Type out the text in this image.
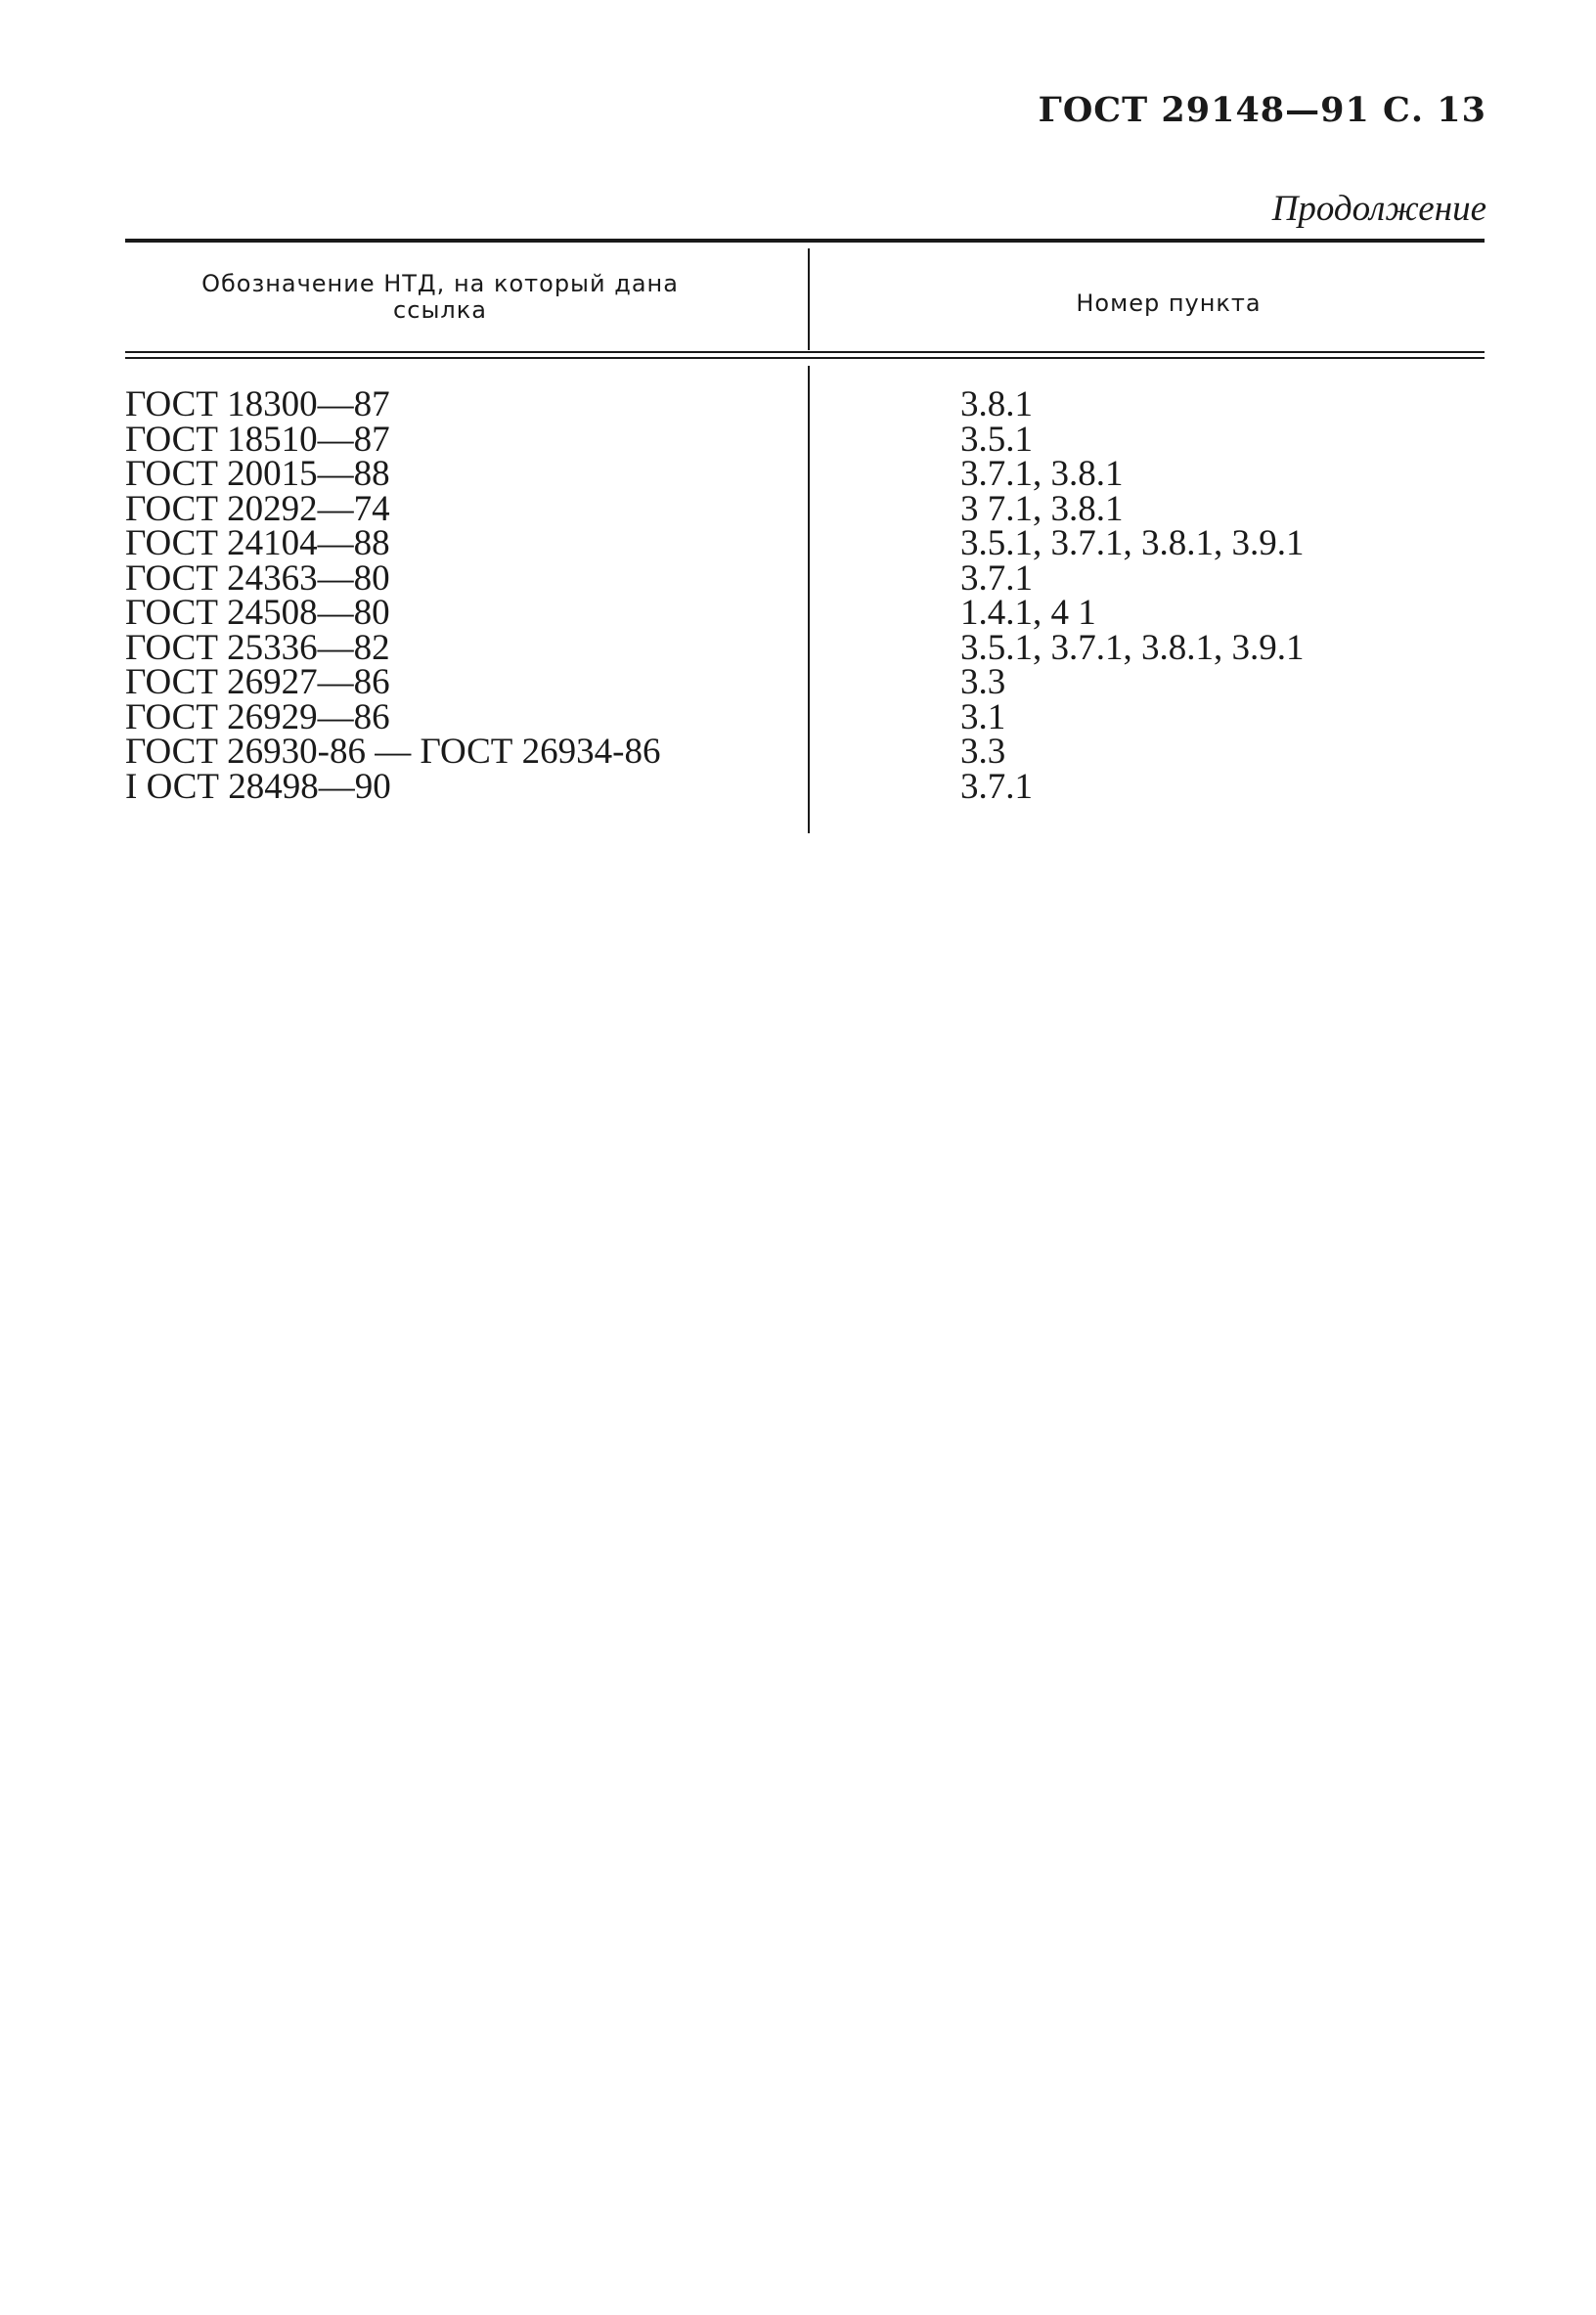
ГОСТ 29148—91 С. 13
Продолжение
Обозначение НТД, на который дана ссылка	Номер пункта
ГОСТ 18300—87	3.8.1
ГОСТ 18510—87	3.5.1
ГОСТ 20015—88	3.7.1, 3.8.1
ГОСТ 20292—74	3 7.1, 3.8.1
ГОСТ 24104—88	3.5.1, 3.7.1, 3.8.1, 3.9.1
ГОСТ 24363—80	3.7.1
ГОСТ 24508—80	1.4.1, 4 1
ГОСТ 25336—82	3.5.1, 3.7.1, 3.8.1, 3.9.1
ГОСТ 26927—86	3.3
ГОСТ 26929—86	3.1
ГОСТ 26930-86 — ГОСТ 26934-86	3.3
I ОСТ 28498—90	3.7.1
